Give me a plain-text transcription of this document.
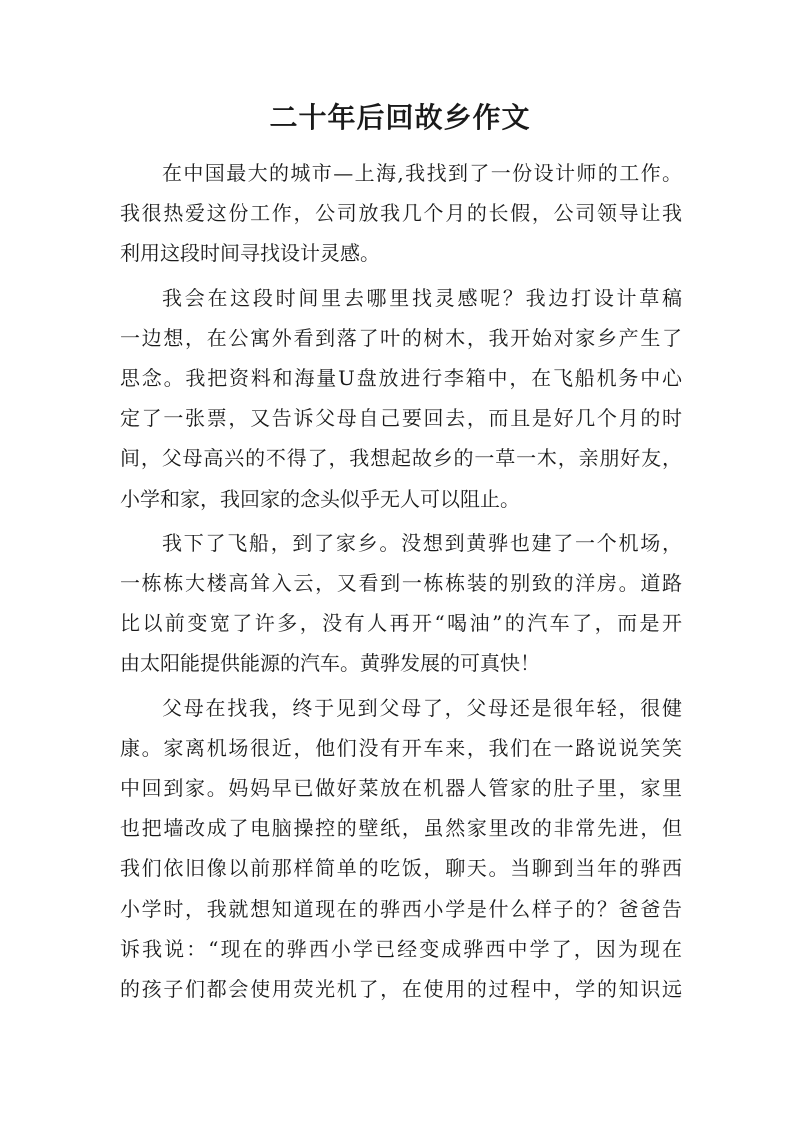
二十年后回故乡作文
在中国最大的城市—上海,我找到了一份设计师的工作。
我很热爱这份工作，公司放我几个月的长假，公司领导让我
利用这段时间寻找设计灵感。
我会在这段时间里去哪里找灵感呢？我边打设计草稿
一边想，在公寓外看到落了叶的树木，我开始对家乡产生了
思念。我把资料和海量U盘放进行李箱中，在飞船机务中心
定了一张票，又告诉父母自己要回去，而且是好几个月的时
间，父母高兴的不得了，我想起故乡的一草一木，亲朋好友，
小学和家，我回家的念头似乎无人可以阻止。
我下了飞船，到了家乡。没想到黄骅也建了一个机场，
一栋栋大楼高耸入云，又看到一栋栋装的别致的洋房。道路
比以前变宽了许多，没有人再开“喝油”的汽车了，而是开
由太阳能提供能源的汽车。黄骅发展的可真快！
父母在找我，终于见到父母了，父母还是很年轻，很健
康。家离机场很近，他们没有开车来，我们在一路说说笑笑
中回到家。妈妈早已做好菜放在机器人管家的肚子里，家里
也把墙改成了电脑操控的壁纸，虽然家里改的非常先进，但
我们依旧像以前那样简单的吃饭，聊天。当聊到当年的骅西
小学时，我就想知道现在的骅西小学是什么样子的？爸爸告
诉我说：“现在的骅西小学已经变成骅西中学了，因为现在
的孩子们都会使用荧光机了，在使用的过程中，学的知识远
